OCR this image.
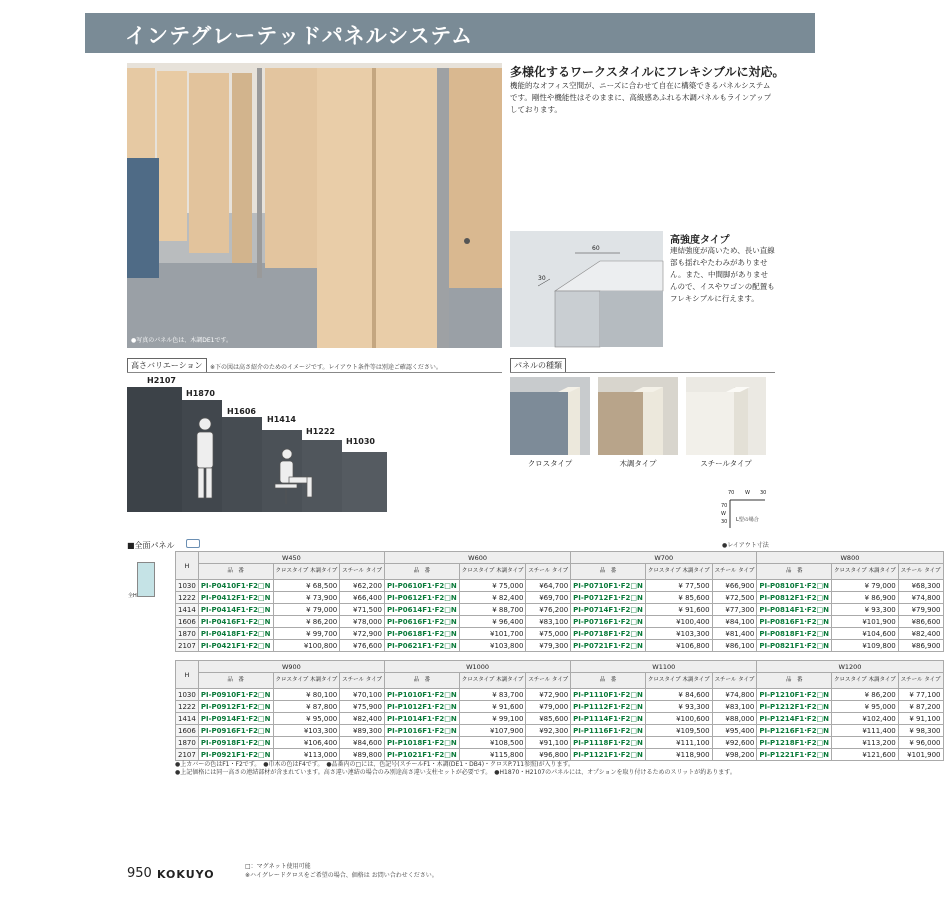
インテグレーテッドパネルシステム
●写真のパネル色は、木調DE1です。
多様化するワークスタイルにフレキシブルに対応。
機能的なオフィス空間が、ニーズに合わせて自在に構築できるパネルシステムです。剛性や機能性はそのままに、高級感あふれる木調パネルもラインアップしております。
60
30
高強度タイプ
連結強度が高いため、長い直線部も揺れやたわみがありません。また、中間脚がありませんので、イスやワゴンの配置もフレキシブルに行えます。
高さバリエーション	※下の図は高さ紹介のためのイメージです。レイアウト条件等は別途ご確認ください。
H2107
H1870
H1606
H1414
H1222
H1030
パネルの種類
クロスタイプ	木調タイプ	スチールタイプ
70 W 30
70
W
30 L型の場合
●レイアウト寸法
■全面パネル
全H
H	W450			W600			W700			W800		
	品　番	クロスタイプ 木調タイプ	スチール タイプ	品　番	クロスタイプ 木調タイプ	スチール タイプ	品　番	クロスタイプ 木調タイプ	スチール タイプ	品　番	クロスタイプ 木調タイプ	スチール タイプ
1030	PI-P0410F1·F2□N	¥ 68,500	¥62,200	PI-P0610F1·F2□N	¥ 75,000	¥64,700	PI-P0710F1·F2□N	¥ 77,500	¥66,900	PI-P0810F1·F2□N	¥ 79,000	¥68,300
1222	PI-P0412F1·F2□N	¥ 73,900	¥66,400	PI-P0612F1·F2□N	¥ 82,400	¥69,700	PI-P0712F1·F2□N	¥ 85,600	¥72,500	PI-P0812F1·F2□N	¥ 86,900	¥74,800
1414	PI-P0414F1·F2□N	¥ 79,000	¥71,500	PI-P0614F1·F2□N	¥ 88,700	¥76,200	PI-P0714F1·F2□N	¥ 91,600	¥77,300	PI-P0814F1·F2□N	¥ 93,300	¥79,900
1606	PI-P0416F1·F2□N	¥ 86,200	¥78,000	PI-P0616F1·F2□N	¥ 96,400	¥83,100	PI-P0716F1·F2□N	¥100,400	¥84,100	PI-P0816F1·F2□N	¥101,900	¥86,600
1870	PI-P0418F1·F2□N	¥ 99,700	¥72,900	PI-P0618F1·F2□N	¥101,700	¥75,000	PI-P0718F1·F2□N	¥103,300	¥81,400	PI-P0818F1·F2□N	¥104,600	¥82,400
2107	PI-P0421F1·F2□N	¥100,800	¥76,600	PI-P0621F1·F2□N	¥103,800	¥79,300	PI-P0721F1·F2□N	¥106,800	¥86,100	PI-P0821F1·F2□N	¥109,800	¥86,900
H	W900			W1000			W1100			W1200		
	品　番	クロスタイプ 木調タイプ	スチール タイプ	品　番	クロスタイプ 木調タイプ	スチール タイプ	品　番	クロスタイプ 木調タイプ	スチール タイプ	品　番	クロスタイプ 木調タイプ	スチール タイプ
1030	PI-P0910F1·F2□N	¥ 80,100	¥70,100	PI-P1010F1·F2□N	¥ 83,700	¥72,900	PI-P1110F1·F2□N	¥ 84,600	¥74,800	PI-P1210F1·F2□N	¥ 86,200	¥ 77,100
1222	PI-P0912F1·F2□N	¥ 87,800	¥75,900	PI-P1012F1·F2□N	¥ 91,600	¥79,000	PI-P1112F1·F2□N	¥ 93,300	¥83,100	PI-P1212F1·F2□N	¥ 95,000	¥ 87,200
1414	PI-P0914F1·F2□N	¥ 95,000	¥82,400	PI-P1014F1·F2□N	¥ 99,100	¥85,600	PI-P1114F1·F2□N	¥100,600	¥88,000	PI-P1214F1·F2□N	¥102,400	¥ 91,100
1606	PI-P0916F1·F2□N	¥103,300	¥89,300	PI-P1016F1·F2□N	¥107,900	¥92,300	PI-P1116F1·F2□N	¥109,500	¥95,400	PI-P1216F1·F2□N	¥111,400	¥ 98,300
1870	PI-P0918F1·F2□N	¥106,400	¥84,600	PI-P1018F1·F2□N	¥108,500	¥91,100	PI-P1118F1·F2□N	¥111,100	¥92,600	PI-P1218F1·F2□N	¥113,200	¥ 96,000
2107	PI-P0921F1·F2□N	¥113,000	¥89,800	PI-P1021F1·F2□N	¥115,800	¥96,800	PI-P1121F1·F2□N	¥118,900	¥98,200	PI-P1221F1·F2□N	¥121,600	¥101,900
●上カバーの色はF1・F2です。　●巾木の色はF4です。　●品番内の□には、色記号(スチールF1・木調(DE1・DB4)・クロスP.711参照)が入ります。
●上記価格には同一高さの連結部材が含まれています。高さ違い連結の場合のみ別途高さ違い支柱セットが必要です。　●H1870・H2107のパネルには、オプションを取り付けるためのスリットが約あります。
950 KOKUYO
□：マグネット使用可能
※ハイグレードクロスをご希望の場合、価格は お問い合わせください。
